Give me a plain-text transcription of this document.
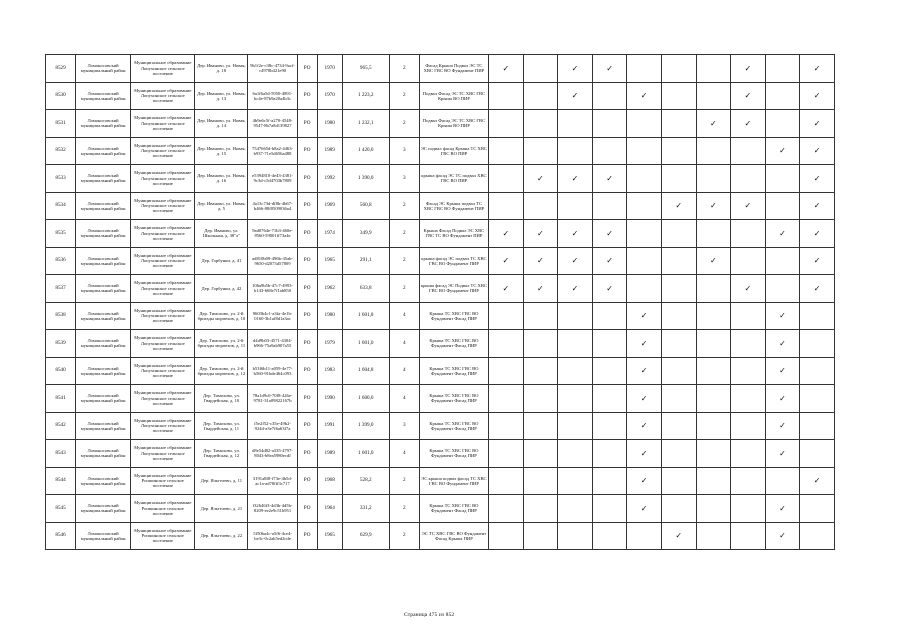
8529	Ломоносовский муниципальный район	Муниципальное образование Лопухинское сельское поселение	Дер. Иваново, ул. Новая, д. 18	9b1f2e-c38c-4734-9acf-c4978b421e90	РО	1970	965,5	2	Фасад Крыша Подвал ЭС ТС ХВС ГВС ВО Фундамент ПИР	✓		✓	✓				✓		✓
8530	Ломоносовский муниципальный район	Муниципальное образование Лопухинское сельское поселение	Дер. Иваново, ул. Новая, д. 13	6a1f6a5d-5950-4891-bc4e-87b9a20a4b3c	РО	1970	1 223,2	2	Подвал Фасад ЭС ТС ХВС ГВС Крыша ВО ПИР			✓		✓			✓		✓
8531	Ломоносовский муниципальный район	Муниципальное образование Лопухинское сельское поселение	Дер. Иваново, ул. Новая, д. 14	4b9e6c5f-a270-4548-9547-8b7a8d139827	РО	1980	1 232,1	2	Подвал Фасад ЭС ТС ХВС ГВС Крыша ВО ПИР							✓	✓		✓
8532	Ломоносовский муниципальный район	Муниципальное образование Лопухинское сельское поселение	Дер. Иваново, ул. Новая, д. 15	7547665d-b8a2-4463-b937-71e5d656a488	РО	1989	1 420,0	3	ЭС подвал фасад Крыша ТС ХВС ГВС ВО ПИР									✓	✓
8533	Ломоносовский муниципальный район	Муниципальное образование Лопухинское сельское поселение	Дер. Иваново, ул. Новая, д. 16	e5394810-4e43-4381-9c3d-c5d4703b7809	РО	1992	1 390,0	3	крыша фасад ЭС ТС подвал ХВС ГВС ВО ПИР		✓	✓	✓						✓
8534	Ломоносовский муниципальный район	Муниципальное образование Лопухинское сельское поселение	Дер. Иваново, ул. Новая, д. 5	4a13c73d-df8b-4b67-b466-88f0509036a4	РО	1969	560,8	2	Фасад ЭС Крыша подвал ТС ХВС ГВС ВО Фундамент ПИР						✓	✓	✓		✓
8535	Ломоносовский муниципальный район	Муниципальное образование Лопухинское сельское поселение	Дер. Иваново, ул. Школьная, д. 38"а"	9ad0764e-71b3-460e-8560-59001ff73a4e	РО	1974	349,9	2	Крыша Фасад Подвал ЭС ХВС ГВС ТС ВО Фундамент ПИР	✓	✓	✓	✓					✓	✓
8536	Ломоносовский муниципальный район	Муниципальное образование Лопухинское сельское поселение	Дер. Горбунки, д. 41	ad810b09-496b-45ab-9650-d2073d57809	РО	1965	291,1	2	крыша фасад ЭС подвал ТС ХВС ГВС ВО Фундамент ПИР	✓	✓	✓	✓			✓			✓
8537	Ломоносовский муниципальный район	Муниципальное образование Лопухинское сельское поселение	Дер. Горбунки, д. 42	106a9b5b-47c7-4993-b143-668e7f1ab850	РО	1962	633,8	2	крыша фасад ЭС Подвал ТС ХВС ГВС ВО Фундамент ПИР	✓	✓	✓	✓				✓		✓
8538	Ломоносовский муниципальный район	Муниципальное образование Лопухинское сельское поселение	Дер. Тимохово, ул. 2-й бригады морпехов, д. 10	9603b4c1-a3fa-4e1b-0160-3b1af8d1a3ac	РО	1980	1 601,8	4	Крыша ТС ХВС ГВС ВО Фундамент Фасад ПИР					✓				✓	
8539	Ломоносовский муниципальный район	Муниципальное образование Лопухинское сельское поселение	Дер. Тимохово, ул. 2-й бригады морпехов, д. 11	d4d9b03-4571-4304-b966-75a9ab907a55	РО	1979	1 601,0	4	Крыша ТС ХВС ГВС ВО Фундамент Фасад ПИР					✓				✓	
8540	Ломоносовский муниципальный район	Муниципальное образование Лопухинское сельское поселение	Дер. Тимохово, ул. 2-й бригады морпехов, д. 12	b53f6b11-a059-4e77-b560-91bde464c093	РО	1983	1 604,8	4	Крыша ТС ХВС ГВС ВО Фундамент Фасад ПИР					✓				✓	
8541	Ломоносовский муниципальный район	Муниципальное образование Лопухинское сельское поселение	Дер. Тимохово, ул. Гвардейская, д. 10	78a1d9c0-70f8-426e-9781-31a09822167b	РО	1990	1 600,0	4	Крыша ТС ХВС ГВС ВО Фундамент Фасад ПИР					✓				✓	
8542	Ломоносовский муниципальный район	Муниципальное образование Лопухинское сельское поселение	Дер. Тимохово, ул. Гвардейская, д. 11	f5e2f52-c35e-49b2-924d-a3e7f6a63f7a	РО	1991	1 399,0	3	Крыша ТС ХВС ГВС ВО Фундамент Фасад ПИР					✓				✓	
8543	Ломоносовский муниципальный район	Муниципальное образование Лопухинское сельское поселение	Дер. Тимохово, ул. Гвардейская, д. 12	d8e54d82-a335-4797-8043-b8ea5980ecdf	РО	1989	1 601,0	4	Крыша ТС ХВС ГВС ВО Фундамент Фасад ПИР					✓				✓	
8544	Ломоносовский муниципальный район	Муниципальное образование Ропшинское сельское поселение	Дер. Яльгелево, д. 11	3191a8f8-f73e-4b5d-ac1a-ad78fff3c717	РО	1968	528,2	2	ЭС крыша подвал фасад ТС ХВС ГВС ВО Фундамент ПИР					✓					✓
8545	Ломоносовский муниципальный район	Муниципальное образование Ропшинское сельское поселение	Дер. Яльгелево, д. 21	f32646f3-4d3b-4d5b-8209-ee2e9c51b951	РО	1964	331,2	2	Крыша ТС ХВС ГВС ВО Фундамент Фасад ПИР					✓				✓	
8546	Ломоносовский муниципальный район	Муниципальное образование Ропшинское сельское поселение	Дер. Яльгелево, д. 22	5f50ba4c-a5f6-4ce4-be3c-0c2ab5ed2cde	РО	1965	629,9	2	ЭС ТС ХВС ГВС ВО Фундамент Фасад Крыша ПИР						✓			✓	
Страница 475 из 852
